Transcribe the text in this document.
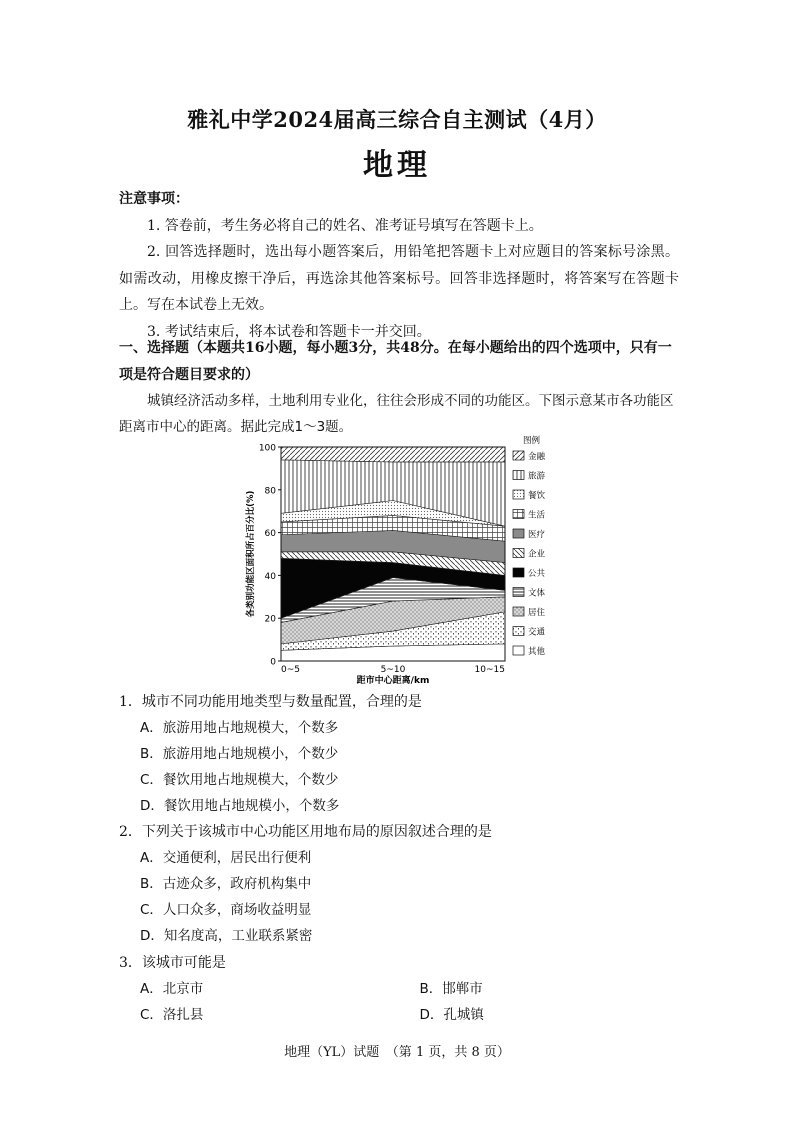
雅礼中学2024届高三综合自主测试（4月）
地理
注意事项：
1. 答卷前，考生务必将自己的姓名、准考证号填写在答题卡上。
2. 回答选择题时，选出每小题答案后，用铅笔把答题卡上对应题目的答案标号涂黑。如需改动，用橡皮擦干净后，再选涂其他答案标号。回答非选择题时，将答案写在答题卡上。写在本试卷上无效。
3. 考试结束后，将本试卷和答题卡一并交回。
一、选择题（本题共16小题，每小题3分，共48分。在每小题给出的四个选项中，只有一项是符合题目要求的）
城镇经济活动多样，土地利用专业化，往往会形成不同的功能区。下图示意某市各功能区距离市中心的距离。据此完成1～3题。
0
20
40
60
80
100
0~5	5~10	10~15
距市中心距离/km
各类别功能区面积所占百分比(%)
图例
金融
旅游
餐饮
生活
医疗
企业
公共
文体
居住
交通
其他
1．城市不同功能用地类型与数量配置，合理的是
A．旅游用地占地规模大，个数多
B．旅游用地占地规模小，个数少
C．餐饮用地占地规模大，个数少
D．餐饮用地占地规模小，个数多
2．下列关于该城市中心功能区用地布局的原因叙述合理的是
A．交通便利，居民出行便利
B．古迹众多，政府机构集中
C．人口众多，商场收益明显
D．知名度高，工业联系紧密
3．该城市可能是
A．北京市	B．邯郸市
C．洛扎县	D．孔城镇
地理（YL）试题　（第 1 页，共 8 页）
